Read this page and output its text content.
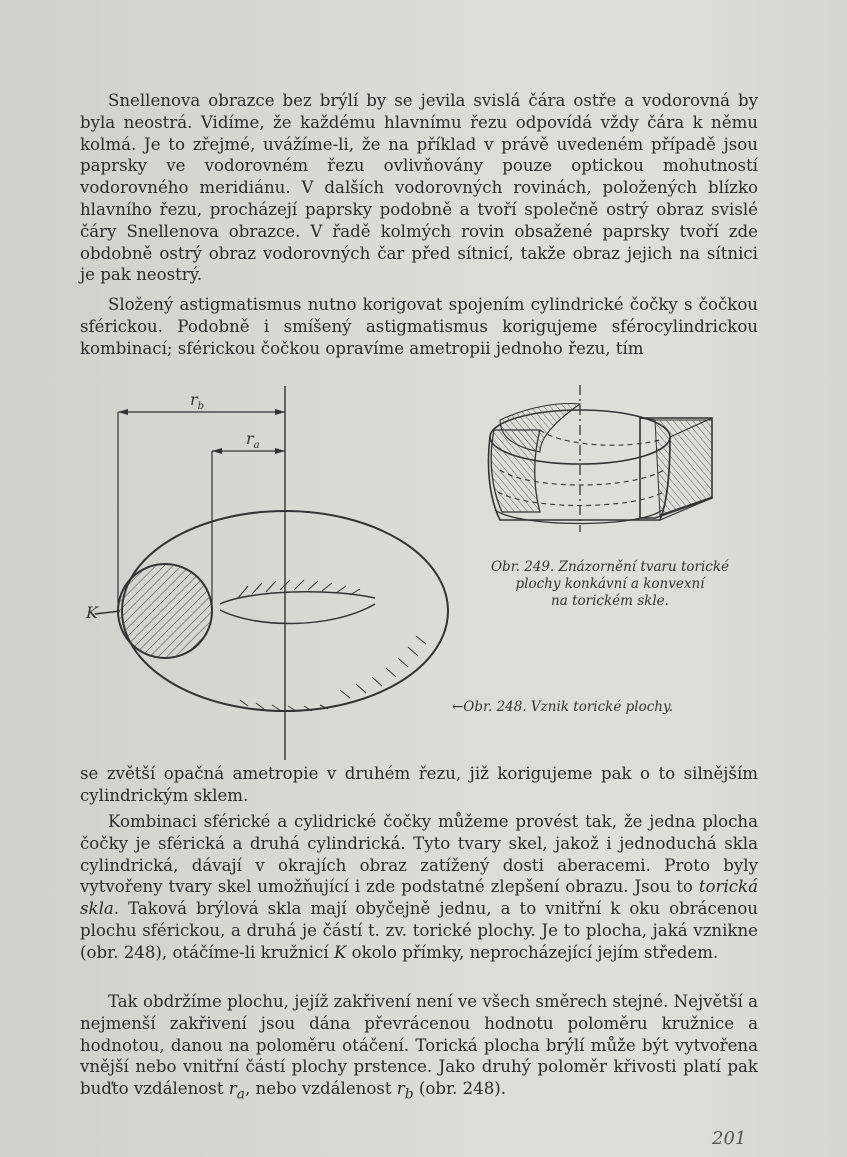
Snellenova obrazce bez brýlí by se jevila svislá čára ostře a vodorovná by byla neostrá. Vidíme, že každému hlavnímu řezu odpovídá vždy čára k němu kolmá. Je to zřejmé, uvážíme-li, že na příklad v právě uvedeném případě jsou paprsky ve vodorovném řezu ovlivňovány pouze optickou mohutností vodorovného meridiánu. V dalších vodorovných rovinách, položených blízko hlavního řezu, procházejí paprsky podobně a tvoří společně ostrý obraz svislé čáry Snellenova obrazce. V řadě kolmých rovin obsažené paprsky tvoří zde obdobně ostrý obraz vodorovných čar před sítnicí, takže obraz jejich na sítnici je pak neostrý.

Složený astigmatismus nutno korigovat spojením cylindrické čočky s čočkou sférickou. Podobně i smíšený astigmatismus korigujeme sférocylindrickou kombinací; sférickou čočkou opravíme ametropii jednoho řezu, tím

$r_b$
$r_a$
K
Obr. 249. Znázornění tvaru torické
plochy konkávní a konvexní
na torickém skle.
←Obr. 248. Vznik torické plochy.

se zvětší opačná ametropie v druhém řezu, již korigujeme pak o to silnějším cylindrickým sklem.

Kombinaci sférické a cylidrické čočky můžeme provést tak, že jedna plocha čočky je sférická a druhá cylindrická. Tyto tvary skel, jakož i jednoduchá skla cylindrická, dávají v okrajích obraz zatížený dosti aberacemi. Proto byly vytvořeny tvary skel umožňující i zde podstatné zlepšení obrazu. Jsou to torická skla. Taková brýlová skla mají obyčejně jednu, a to vnitřní k oku obrácenou plochu sférickou, a druhá je částí t. zv. torické plochy. Je to plocha, jaká vznikne (obr. 248), otáčíme-li kružnicí K okolo přímky, neprocházející jejím středem.

Tak obdržíme plochu, jejíž zakřivení není ve všech směrech stejné. Největší a nejmenší zakřivení jsou dána převrácenou hodnotu poloměru kružnice a hodnotou, danou na poloměru otáčení. Torická plocha brýlí může být vytvořena vnější nebo vnitřní částí plochy prstence. Jako druhý poloměr křivosti platí pak buďto vzdálenost $r_a$, nebo vzdálenost $r_b$ (obr. 248).

201
